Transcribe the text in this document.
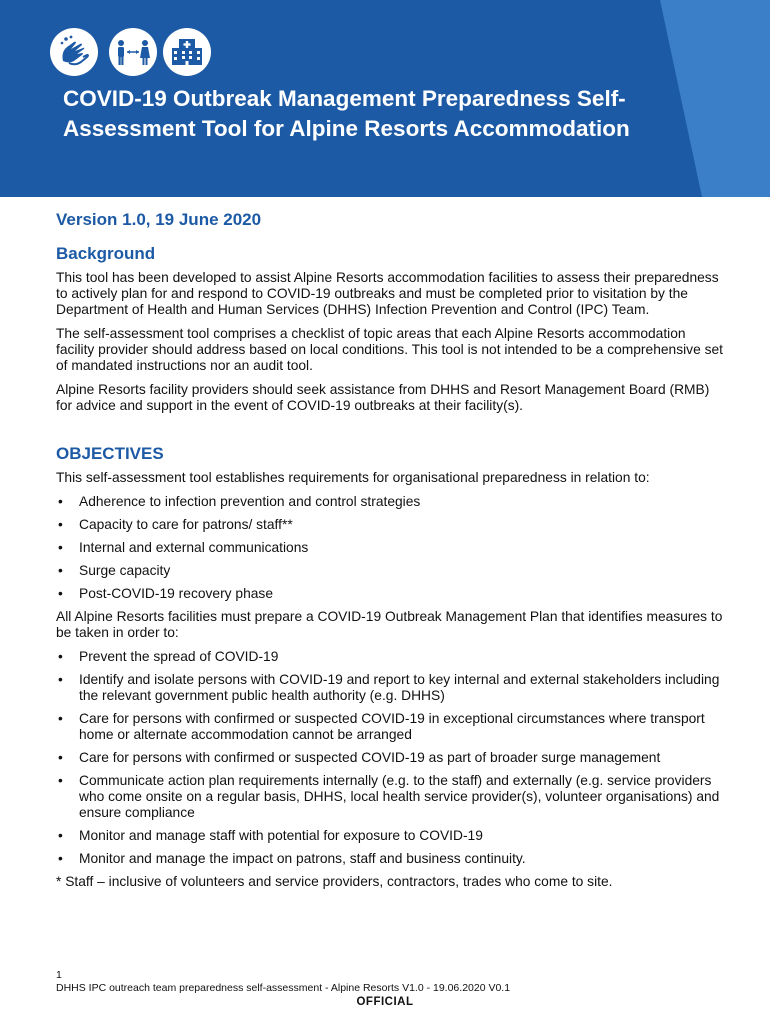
COVID-19 Outbreak Management Preparedness Self-Assessment Tool for Alpine Resorts Accommodation
Version 1.0, 19 June 2020
Background

This tool has been developed to assist Alpine Resorts accommodation facilities to assess their preparedness to actively plan for and respond to COVID-19 outbreaks and must be completed prior to visitation by the Department of Health and Human Services (DHHS) Infection Prevention and Control (IPC) Team.

The self-assessment tool comprises a checklist of topic areas that each Alpine Resorts accommodation facility provider should address based on local conditions. This tool is not intended to be a comprehensive set of mandated instructions nor an audit tool.

Alpine Resorts facility providers should seek assistance from DHHS and Resort Management Board (RMB) for advice and support in the event of COVID-19 outbreaks at their facility(s).

OBJECTIVES

This self-assessment tool establishes requirements for organisational preparedness in relation to:

• Adherence to infection prevention and control strategies
• Capacity to care for patrons/ staff**
• Internal and external communications
• Surge capacity
• Post-COVID-19 recovery phase

All Alpine Resorts facilities must prepare a COVID-19 Outbreak Management Plan that identifies measures to be taken in order to:

• Prevent the spread of COVID-19
• Identify and isolate persons with COVID-19 and report to key internal and external stakeholders including the relevant government public health authority (e.g. DHHS)
• Care for persons with confirmed or suspected COVID-19 in exceptional circumstances where transport home or alternate accommodation cannot be arranged
• Care for persons with confirmed or suspected COVID-19 as part of broader surge management
• Communicate action plan requirements internally (e.g. to the staff) and externally (e.g. service providers who come onsite on a regular basis, DHHS, local health service provider(s), volunteer organisations) and ensure compliance
• Monitor and manage staff with potential for exposure to COVID-19
• Monitor and manage the impact on patrons, staff and business continuity.

* Staff – inclusive of volunteers and service providers, contractors, trades who come to site.

1
DHHS IPC outreach team preparedness self-assessment - Alpine Resorts V1.0 - 19.06.2020 V0.1
OFFICIAL
